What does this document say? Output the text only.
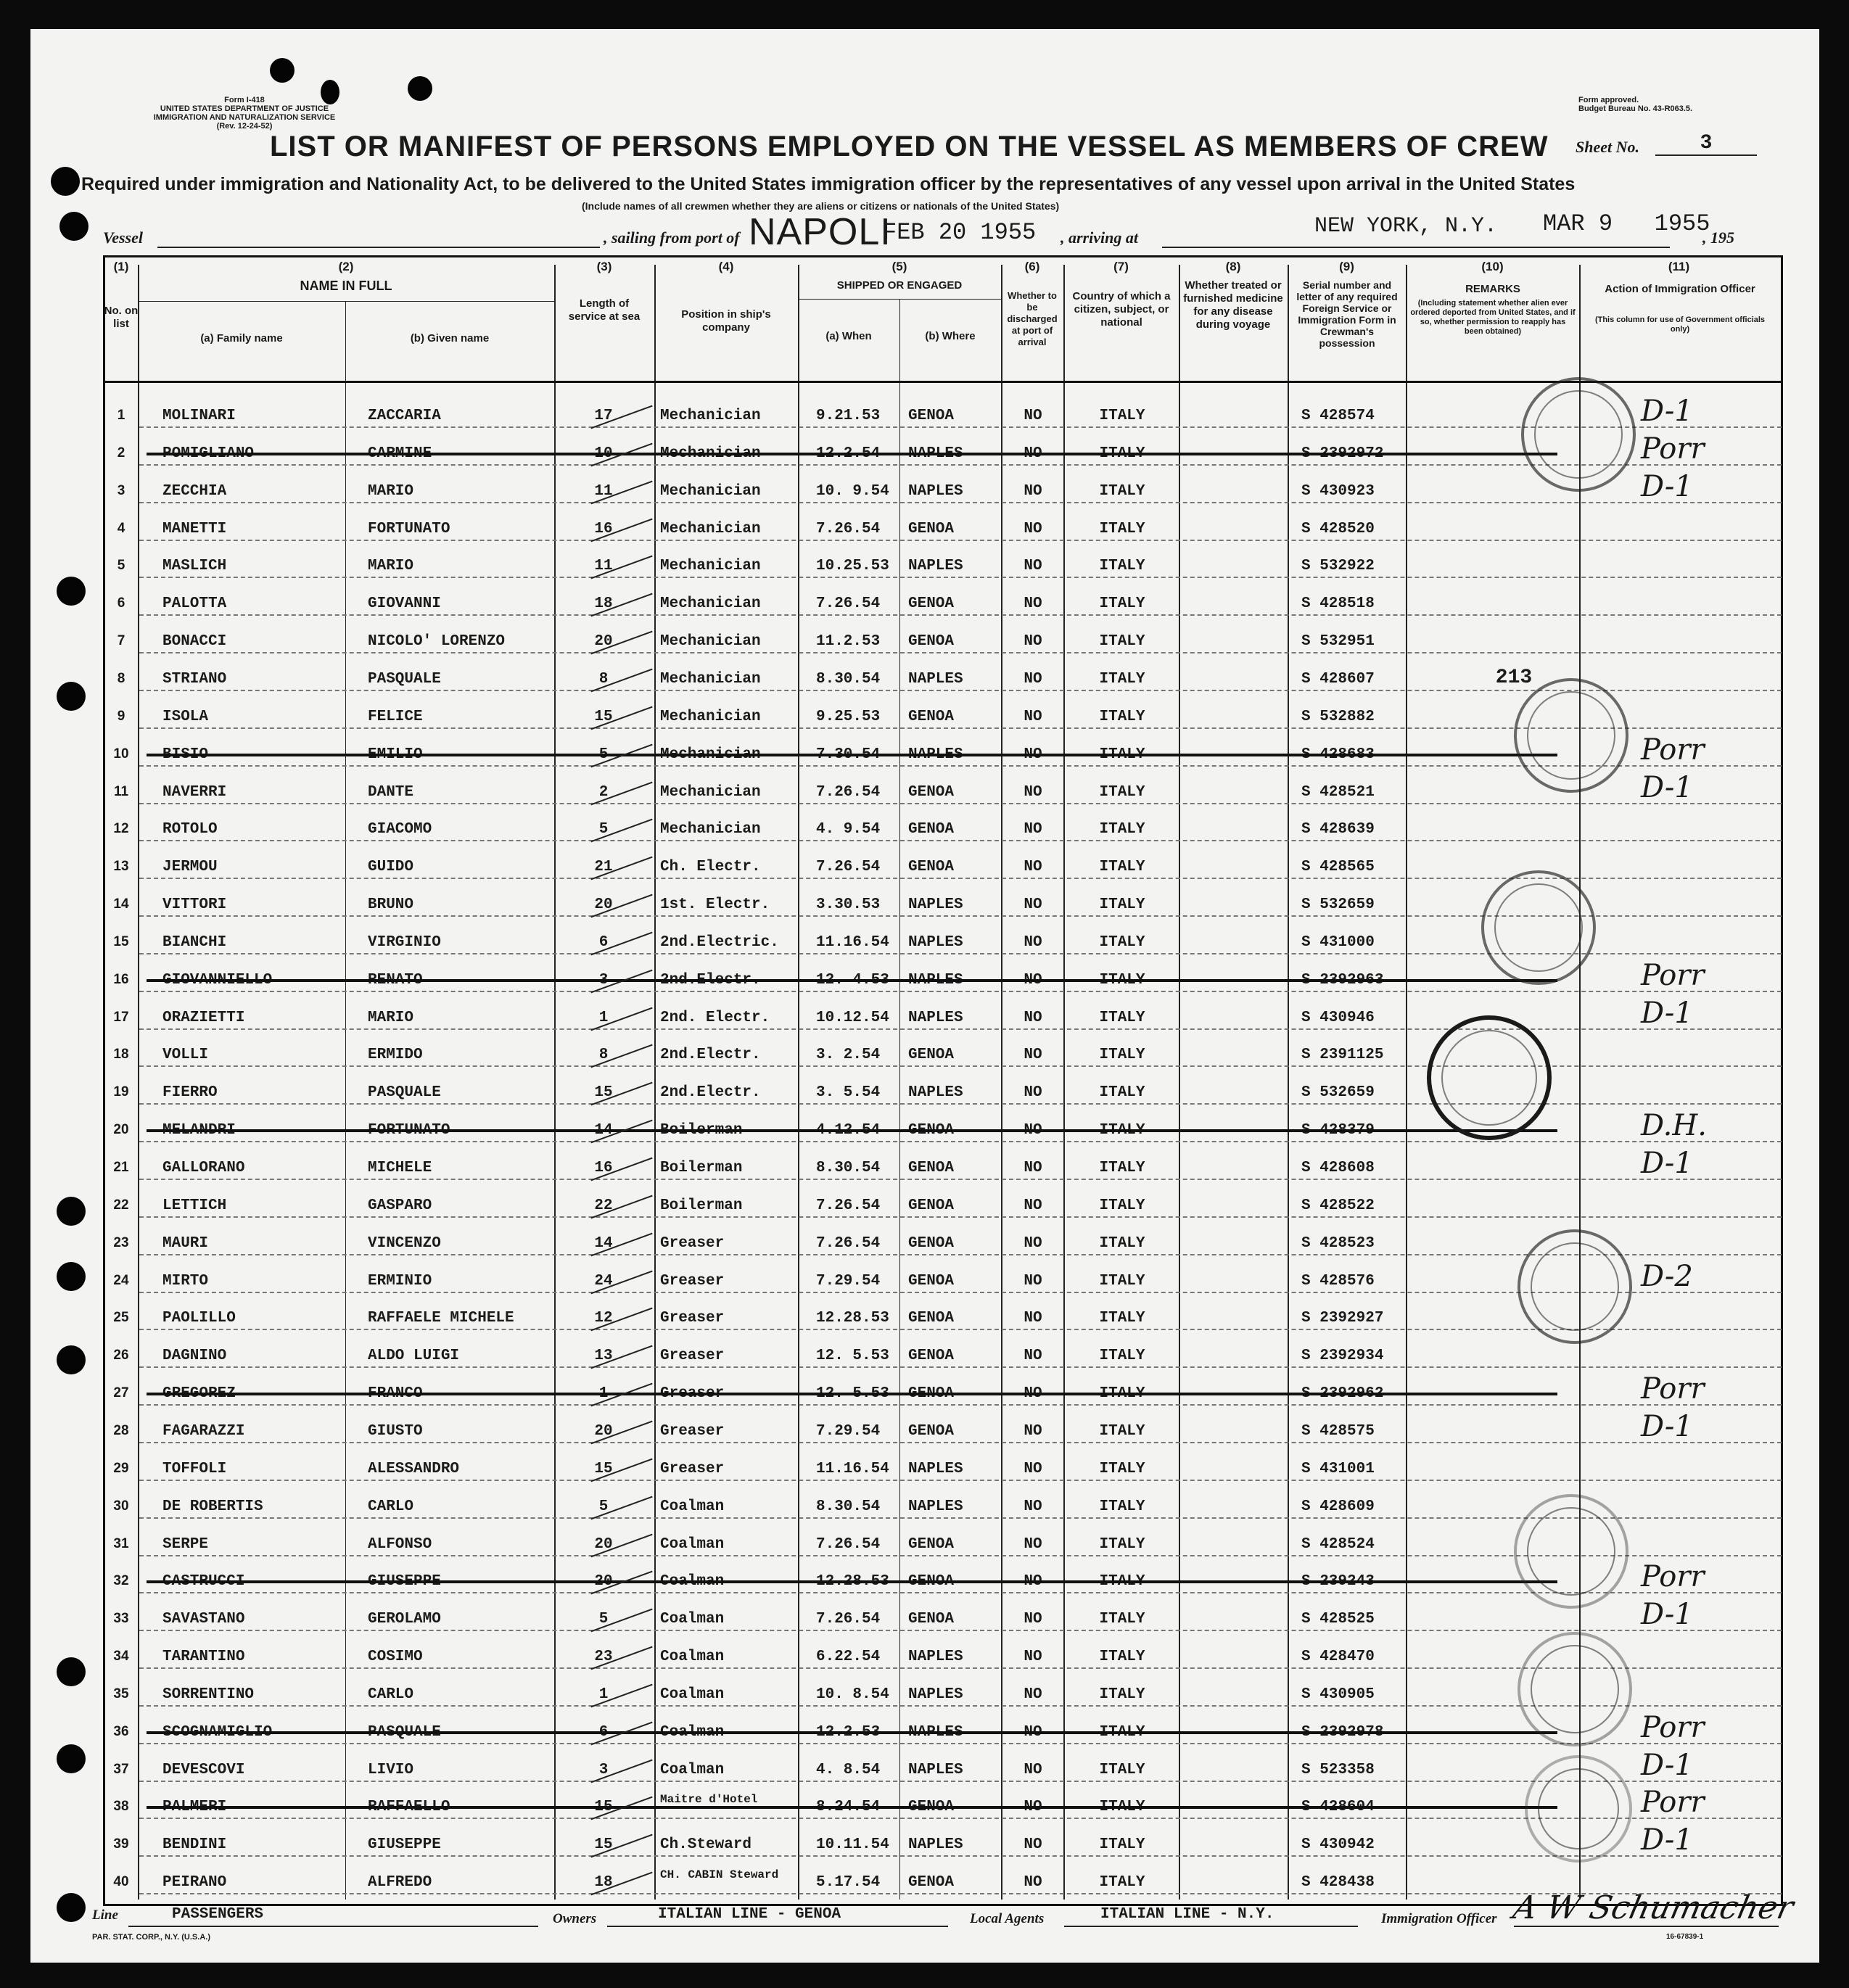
Form I-418
UNITED STATES DEPARTMENT OF JUSTICE
IMMIGRATION AND NATURALIZATION SERVICE
(Rev. 12-24-52)
Form approved.
Budget Bureau No. 43-R063.5.
LIST OR MANIFEST OF PERSONS EMPLOYED ON THE VESSEL AS MEMBERS OF CREW Sheet No.	3
Required under immigration and Nationality Act, to be delivered to the United States immigration officer by the representatives of any vessel upon arrival in the United States
(Include names of all crewmen whether they are aliens or citizens or nationals of the United States)
Vessel	, sailing from port of NAPOLI
FEB 20 1955 , arriving at	NEW YORK, N.Y. MAR 9   1955
, 195
(1)	(2)	(3)	(4)	(5)	(6)	(7)	(8)	(9)	(10)	(11)
No. on list
NAME IN FULL
(a) Family name	(b) Given name
Length of service at sea	Position in ship's company
SHIPPED OR ENGAGED
(a) When	(b) Where
Whether to be discharged at port of arrival
Country of which a citizen, subject, or national
Whether treated or furnished medicine for any disease during voyage
Serial number and letter of any required Foreign Service or Immigration Form in Crewman's possession
REMARKS
(Including statement whether alien ever ordered deported from United States, and if so, whether permission to reapply has been obtained)
Action of Immigration Officer
(This column for use of Government officials only)
1	MOLINARI	ZACCARIA	17	Mechanician	9.21.53 GENOA	NO	ITALY	S 428574	D-1
2	POMIGLIANO	CARMINE	10	Mechanician	12.2.54 NAPLES	NO	ITALY	S 2392972	Porr
3	ZECCHIA	MARIO	11	Mechanician	10. 9.54 NAPLES	NO	ITALY	S 430923	D-1
4	MANETTI	FORTUNATO	16	Mechanician	7.26.54 GENOA	NO	ITALY	S 428520
5	MASLICH	MARIO	11	Mechanician	10.25.53 NAPLES	NO	ITALY	S 532922
6	PALOTTA	GIOVANNI	18	Mechanician	7.26.54 GENOA	NO	ITALY	S 428518
7	BONACCI	NICOLO' LORENZO	20	Mechanician	11.2.53 GENOA	NO	ITALY	S 532951
8	STRIANO	PASQUALE	8	Mechanician	8.30.54 NAPLES	NO	ITALY	S 428607	213
9	ISOLA	FELICE	15	Mechanician	9.25.53 GENOA	NO	ITALY	S 532882
10	BISIO	EMILIO	5	Mechanician	7.30.54 NAPLES	NO	ITALY	S 428683	Porr
11	NAVERRI	DANTE	2	Mechanician	7.26.54 GENOA	NO	ITALY	S 428521	D-1
12	ROTOLO	GIACOMO	5	Mechanician	4. 9.54 GENOA	NO	ITALY	S 428639
13	JERMOU	GUIDO	21	Ch. Electr.	7.26.54 GENOA	NO	ITALY	S 428565
14	VITTORI	BRUNO	20	1st. Electr.	3.30.53 NAPLES	NO	ITALY	S 532659
15	BIANCHI	VIRGINIO	6	2nd.Electric. 11.16.54 NAPLES	NO	ITALY	S 431000
16	GIOVANNIELLO	RENATO	3	2nd.Electr.	12. 4.53 NAPLES	NO	ITALY	S 2392963	Porr
17	ORAZIETTI	MARIO	1	2nd. Electr.	10.12.54 NAPLES	NO	ITALY	S 430946	D-1
18	VOLLI	ERMIDO	8	2nd.Electr.	3. 2.54 GENOA	NO	ITALY	S 2391125
19	FIERRO	PASQUALE	15	2nd.Electr.	3. 5.54 NAPLES	NO	ITALY	S 532659
20	MELANDRI	FORTUNATO	14	Boilerman	4.12.54 GENOA	NO	ITALY	S 428379	D.H.
21	GALLORANO	MICHELE	16	Boilerman	8.30.54 GENOA	NO	ITALY	S 428608	D-1
22	LETTICH	GASPARO	22	Boilerman	7.26.54 GENOA	NO	ITALY	S 428522
23	MAURI	VINCENZO	14	Greaser	7.26.54 GENOA	NO	ITALY	S 428523
24	MIRTO	ERMINIO	24	Greaser	7.29.54 GENOA	NO	ITALY	S 428576	D-2
25	PAOLILLO	RAFFAELE MICHELE	12	Greaser	12.28.53 GENOA	NO	ITALY	S 2392927
26	DAGNINO	ALDO LUIGI	13	Greaser	12. 5.53 GENOA	NO	ITALY	S 2392934
27	GREGOREZ	FRANCO	1	Greaser	12. 5.53 GENOA	NO	ITALY	S 2392962	Porr
28	FAGARAZZI	GIUSTO	20	Greaser	7.29.54 GENOA	NO	ITALY	S 428575	D-1
29	TOFFOLI	ALESSANDRO	15	Greaser	11.16.54 NAPLES	NO	ITALY	S 431001
30	DE ROBERTIS	CARLO	5	Coalman	8.30.54 NAPLES	NO	ITALY	S 428609
31	SERPE	ALFONSO	20	Coalman	7.26.54 GENOA	NO	ITALY	S 428524
32	CASTRUCCI	GIUSEPPE	20	Coalman	12.28.53 GENOA	NO	ITALY	S 239243	Porr
33	SAVASTANO	GEROLAMO	5	Coalman	7.26.54 GENOA	NO	ITALY	S 428525	D-1
34	TARANTINO	COSIMO	23	Coalman	6.22.54 NAPLES	NO	ITALY	S 428470
35	SORRENTINO	CARLO	1	Coalman	10. 8.54 NAPLES	NO	ITALY	S 430905
36	SCOGNAMIGLIO	PASQUALE	6	Coalman	12.2.53 NAPLES	NO	ITALY	S 2392978	Porr
37	DEVESCOVI	LIVIO	3	Coalman	4. 8.54 NAPLES	NO	ITALY	S 523358	D-1
38	PALMERI	RAFFAELLO	15	Maitre d'Hotel	8.24.54 GENOA	NO	ITALY	S 428604	Porr
39	BENDINI	GIUSEPPE	15	Ch.Steward	10.11.54 NAPLES	NO	ITALY	S 430942	D-1
40	PEIRANO	ALFREDO	18	CH. CABIN Steward	5.17.54 GENOA	NO	ITALY	S 428438
Line	PASSENGERS	Owners	ITALIAN LINE - GENOA	Local Agents	ITALIAN LINE - N.Y.	Immigration Officer A W Schumacher
PAR. STAT. CORP., N.Y. (U.S.A.)	16-67839-1
